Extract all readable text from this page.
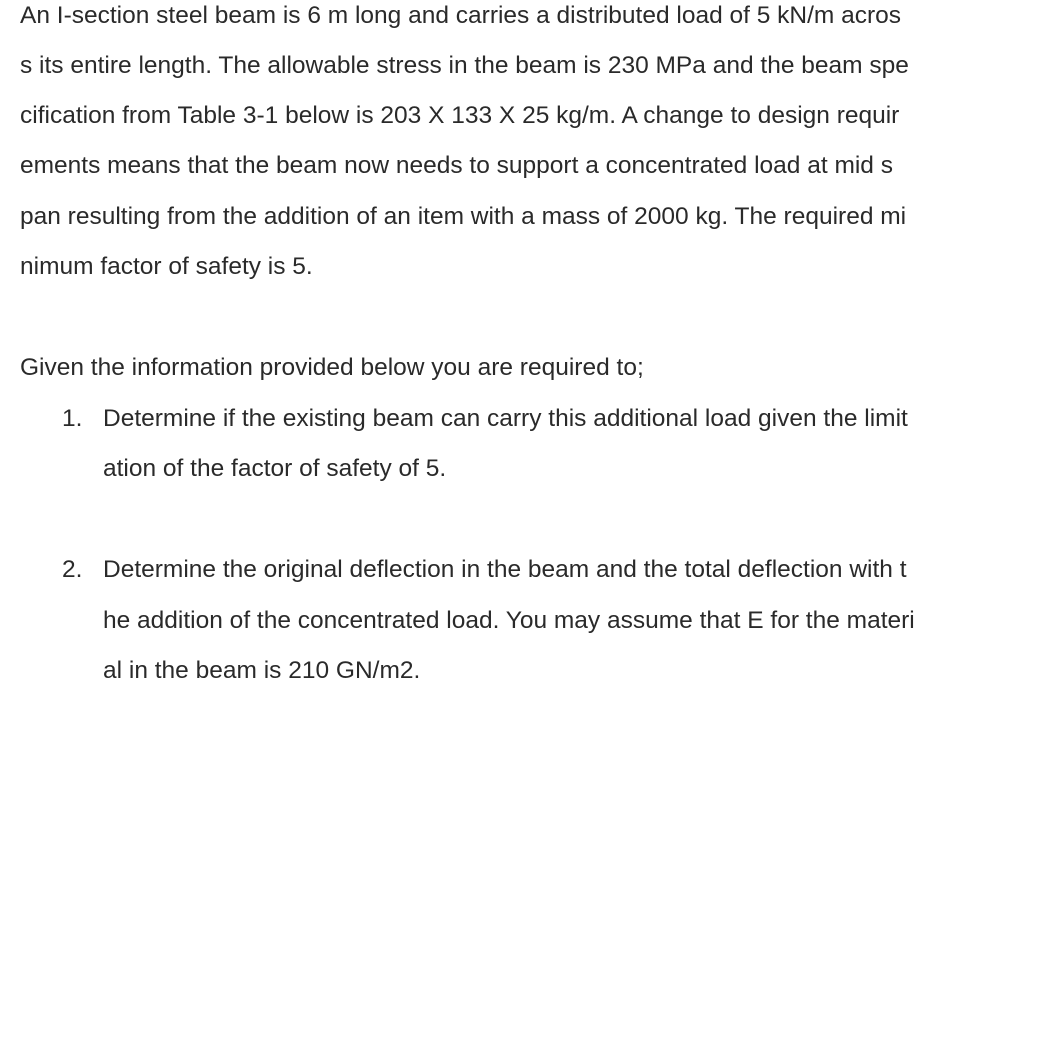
An I-section steel beam is 6 m long and carries a distributed load of 5 kN/m acros
s its entire length. The allowable stress in the beam is 230 MPa and the beam spe
cification from Table 3-1 below is 203 X 133 X 25 kg/m. A change to design requir
ements means that the beam now needs to support a concentrated load at mid s
pan resulting from the addition of an item with a mass of 2000 kg. The required mi
nimum factor of safety is 5.
Given the information provided below you are required to;
1. Determine if the existing beam can carry this additional load given the limit
ation of the factor of safety of 5.
2. Determine the original deflection in the beam and the total deflection with t
he addition of the concentrated load. You may assume that E for the materi
al in the beam is 210 GN/m2.
